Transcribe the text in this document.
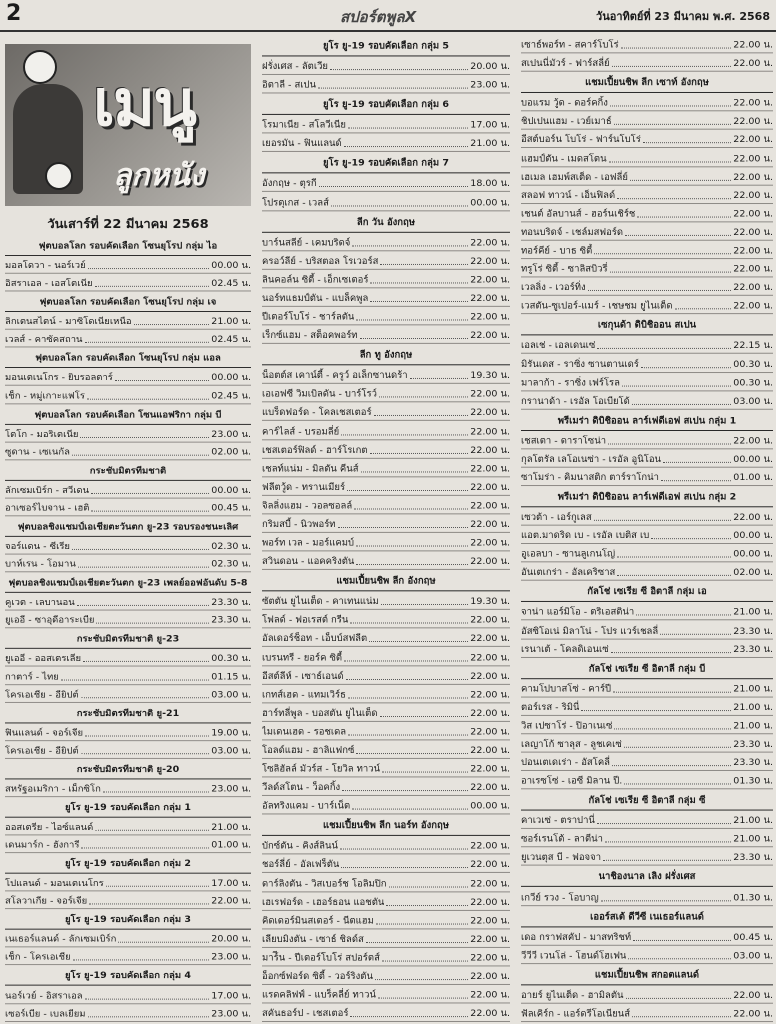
2	สปอร์ตพูลX	วันอาทิตย์ที่ 23 มีนาคม พ.ศ. 2568
เมนู
ลูกหนัง
วันเสาร์ที่ 22 มีนาคม 2568
ฟุตบอลโลก รอบคัดเลือก โซนยุโรป กลุ่ม ไอ
มอลโดวา - นอร์เวย์	00.00 น.
อิสราเอล - เอสโตเนีย	02.45 น.
ฟุตบอลโลก รอบคัดเลือก โซนยุโรป กลุ่ม เจ
ลิกเตนสไตน์ - มาซิโดเนียเหนือ	21.00 น.
เวลส์ - คาซัคสถาน	02.45 น.
ฟุตบอลโลก รอบคัดเลือก โซนยุโรป กลุ่ม แอล
มอนเตเนโกร - ยิบรอลตาร์	00.00 น.
เช็ก - หมู่เกาะแฟโร	02.45 น.
ฟุตบอลโลก รอบคัดเลือก โซนแอฟริกา กลุ่ม บี
โตโก - มอริเตเนีย	23.00 น.
ซูดาน - เซเนกัล	02.00 น.
กระชับมิตรทีมชาติ
ลักเซมเบิร์ก - สวีเดน	00.00 น.
อาเซอร์ไบจาน - เฮติ	00.45 น.
ฟุตบอลชิงแชมป์เอเชียตะวันตก ยู-23 รอบรองชนะเลิศ
จอร์แดน - ซีเรีย	02.30 น.
บาห์เรน - โอมาน	02.30 น.
ฟุตบอลชิงแชมป์เอเชียตะวันตก ยู-23 เพลย์ออฟอันดับ 5-8
คูเวต - เลบานอน	23.30 น.
ยูเออี - ซาอุดีอาระเบีย	23.30 น.
กระชับมิตรทีมชาติ ยู-23
ยูเออี - ออสเตรเลีย	00.30 น.
กาตาร์ - ไทย	01.15 น.
โครเอเชีย - อียิปต์	03.00 น.
กระชับมิตรทีมชาติ ยู-21
ฟินแลนด์ - จอร์เจีย	19.00 น.
โครเอเชีย - อียิปต์	03.00 น.
กระชับมิตรทีมชาติ ยู-20
สหรัฐอเมริกา - เม็กซิโก	23.00 น.
ยูโร ยู-19 รอบคัดเลือก กลุ่ม 1
ออสเตรีย - ไอซ์แลนด์	21.00 น.
เดนมาร์ก - ฮังการี	01.00 น.
ยูโร ยู-19 รอบคัดเลือก กลุ่ม 2
โปแลนด์ - มอนเตเนโกร	17.00 น.
สโลวาเกีย - จอร์เจีย	22.00 น.
ยูโร ยู-19 รอบคัดเลือก กลุ่ม 3
เนเธอร์แลนด์ - ลักเซมเบิร์ก	20.00 น.
เช็ก - โครเอเชีย	23.00 น.
ยูโร ยู-19 รอบคัดเลือก กลุ่ม 4
นอร์เวย์ - อิสราเอล	17.00 น.
เซอร์เบีย - เบลเยียม	23.00 น.
ยูโร ยู-19 รอบคัดเลือก กลุ่ม 5
ฝรั่งเศส - ลัตเวีย	20.00 น.
อิตาลี - สเปน	23.00 น.
ยูโร ยู-19 รอบคัดเลือก กลุ่ม 6
โรมาเนีย - สโลวีเนีย	17.00 น.
เยอรมัน - ฟินแลนด์	21.00 น.
ยูโร ยู-19 รอบคัดเลือก กลุ่ม 7
อังกฤษ - ตุรกี	18.00 น.
โปรตุเกส - เวลส์	00.00 น.
ลีก วัน อังกฤษ
บาร์นสลีย์ - เคมบริดจ์	22.00 น.
ครอว์ลีย์ - บริสตอล โรเวอร์ส	22.00 น.
ลินคอล์น ซิตี้ - เอ็กเซเตอร์	22.00 น.
นอร์ทแธมป์ตัน - แบล็คพูล	22.00 น.
ปีเตอร์โบโร่ - ชาร์ลตัน	22.00 น.
เร็กซ์แฮม - สต็อคพอร์ท	22.00 น.
ลีก ทู อังกฤษ
น็อตต์ส เคาน์ตี้ - ครูว์ อเล็กซานดร้า	19.30 น.
เอเอฟซี วิมเบิลดัน - บาร์โรว์	22.00 น.
แบร็ดฟอร์ด - โคลเชสเตอร์	22.00 น.
คาร์ไลส์ - บรอมลี่ย์	22.00 น.
เชสเตอร์ฟิลด์ - ฮาร์โรเกต	22.00 น.
เชลท์แน่ม - มิลตัน คีนส์	22.00 น.
ฟลีตวู้ด - ทรานเมียร์	22.00 น.
จิลลิ่งแฮม - วอลซอลล์	22.00 น.
กริมสบี้ - นิวพอร์ท	22.00 น.
พอร์ท เวล - มอร์แคมบ์	22.00 น.
สวินดอน - แอคคริงตัน	22.00 น.
แชมเปี้ยนชิพ ลีก อังกฤษ
ซัตตัน ยูไนเต็ด - คาเทนแน่ม	19.30 น.
โฟลด์ - ฟอเรสต์ กรีน	22.00 น.
อัลเดอร์ช็อท - เอ็บบ์สฟลีต	22.00 น.
เบรนทรี - ยอร์ค ซิตี้	22.00 น.
อีสต์ลีห์ - เซาธ์เอนด์	22.00 น.
เกทส์เฮด - แทมเวิร์ธ	22.00 น.
ฮาร์ทลี่พูล - บอสตัน ยูไนเต็ด	22.00 น.
ไมเดนเฮด - รอชเดล	22.00 น.
โอลด์แฮม - ฮาลิแฟกซ์	22.00 น.
โซลิฮัลล์ มัวร์ส - โยวิล ทาวน์	22.00 น.
วีลด์สโตน - ว็อคกิ้ง	22.00 น.
อัลทริงแคม - บาร์เน็ต	00.00 น.
แชมเปี้ยนชิพ ลีก นอร์ท อังกฤษ
บักซ์ตัน - คิงส์ลินน์	22.00 น.
ชอร์ลี่ย์ - อัลเฟร็ตัน	22.00 น.
ดาร์ลิงตัน - วิสเบอร์ช โอลิมปิก	22.00 น.
เฮเรฟอร์ด - เฮอร์ธอน แอชตัน	22.00 น.
คิดเดอร์มินสเตอร์ - นีตแฮม	22.00 น.
เลียบมิงตัน - เซาธ์ ชิลด์ส	22.00 น.
มาร์ีน - ปีเตอร์โบโร่ สปอร์ตส์	22.00 น.
อ็อกซ์ฟอร์ด ซิตี้ - วอร์ริงตัน	22.00 น.
แรดคลิฟฟ์ - แบร็คลี่ย์ ทาวน์	22.00 น.
สคันธอร์ป - เชสเตอร์	22.00 น.
เซาธ์พอร์ท - สคาร์โบโร่	22.00 น.
สเปนนี่มัวร์ - ฟาร์สลี่ย์	22.00 น.
แชมเปี้ยนชิพ ลีก เซาท์ อังกฤษ
บอแรม วู้ด - ดอร์คกิ้ง	22.00 น.
ชิปเปนแฮม - เวย์เมาธ์	22.00 น.
อีสต์บอร์น โบโร่ - ฟาร์นโบโร่	22.00 น.
แฮมป์ตัน - เมดสโตน	22.00 น.
เฮเมล เฮมพ์สเต็ด - เอฟลี่ย์	22.00 น.
สลอฟ ทาวน์ - เอ็นฟิลด์	22.00 น.
เชนต์ อัลบานส์ - ฮอร์นเชิร์ช	22.00 น.
ทอนบริดจ์ - เชล์มสฟอร์ด	22.00 น.
ทอร์คีย์ - บาธ ซิตี้	22.00 น.
ทรูโร่ ซิตี้ - ซาลิสบิวรี่	22.00 น.
เวลลิ่ง - เวอร์ทิ่ง	22.00 น.
เวสตัน-ซูเปอร์-แมร์ - เชษชม ยูไนเต็ด	22.00 น.
เซกุนด้า ดิบิชิออน สเปน
เอลเช่ - เอลเดนเซ่	22.15 น.
มิรันเดส - ราซิ่ง ซานตานเดร์	00.30 น.
มาลาก้า - ราซิ่ง เฟร์โรล	00.30 น.
กรานาด้า - เรอัล โอเบียโด้	03.00 น.
พรีเมร่า ดิบิชิออน ลาร์เฟดีเอฟ สเปน กลุ่ม 1
เชสเตา - ดาราโซน่า	22.00 น.
กุลโตรัล เลโอเนซ่า - เรอัล อูนิโอน	00.00 น.
ซาโมร่า - คิมนาสติก ตาร์ราโกน่า	01.00 น.
พรีเมร่า ดิบิชิออน ลาร์เฟดีเอฟ สเปน กลุ่ม 2
เซวต้า - เอร์กูเลส	22.00 น.
แอต.มาดริด เบ - เรอัล เบติส เบ	00.00 น.
อูเอลบา - ซานลูเกนโญ่	00.00 น.
อันเตเกร่า - อัลเคริซาส	02.00 น.
กัลโช่ เซเรีย ซี อิตาลี กลุ่ม เอ
จาน่า แอร์มิโอ - ตริเอสติน่า	21.00 น.
อัสซิโอเน่ มิลาโน่ - โปร แวร์เชลลี่	23.30 น.
เรนาเต้ - โคลดิเอนเซ่	23.30 น.
กัลโช่ เซเรีย ซี อิตาลี กลุ่ม บี
คามโปบาสโซ่ - คาร์ปี	21.00 น.
ตอร์เรส - ริมินี่	21.00 น.
วิส เปซาโร่ - ปิอาเนเซ่	21.00 น.
เลญาโก้ ซาลุส - ลูชเคเซ่	23.30 น.
ปอนเตเดเร่า - อัสโคลี่	23.30 น.
อาเรซโซ่ - เอซี มิลาน ปี.	01.30 น.
กัลโช่ เซเรีย ซี อิตาลี กลุ่ม ซี
คาเวเซ่ - ตราปานี่	21.00 น.
ซอร์เรนโต้ - ลาตีน่า	21.00 น.
ยูเวนตุส บี - ฟอจจา	23.30 น.
นาชิองนาล เลิง ฝรั่งเศส
เกวีย์ รวง - โอบาญ	01.30 น.
เออร์สเต้ ดีวีซี เนเธอร์แลนด์
เดอ กราฟสคัป - มาสทริชท์	00.45 น.
วีวีวี เวนโล่ - โฮนด์โฮเฟน	03.00 น.
แชมเปี้ยนชิพ สกอตแลนด์
อายร์ ยูไนเต็ด - ฮามิลตัน	22.00 น.
ฟัลเคิร์ก - แอร์ดรีโอเนียนส์	22.00 น.
